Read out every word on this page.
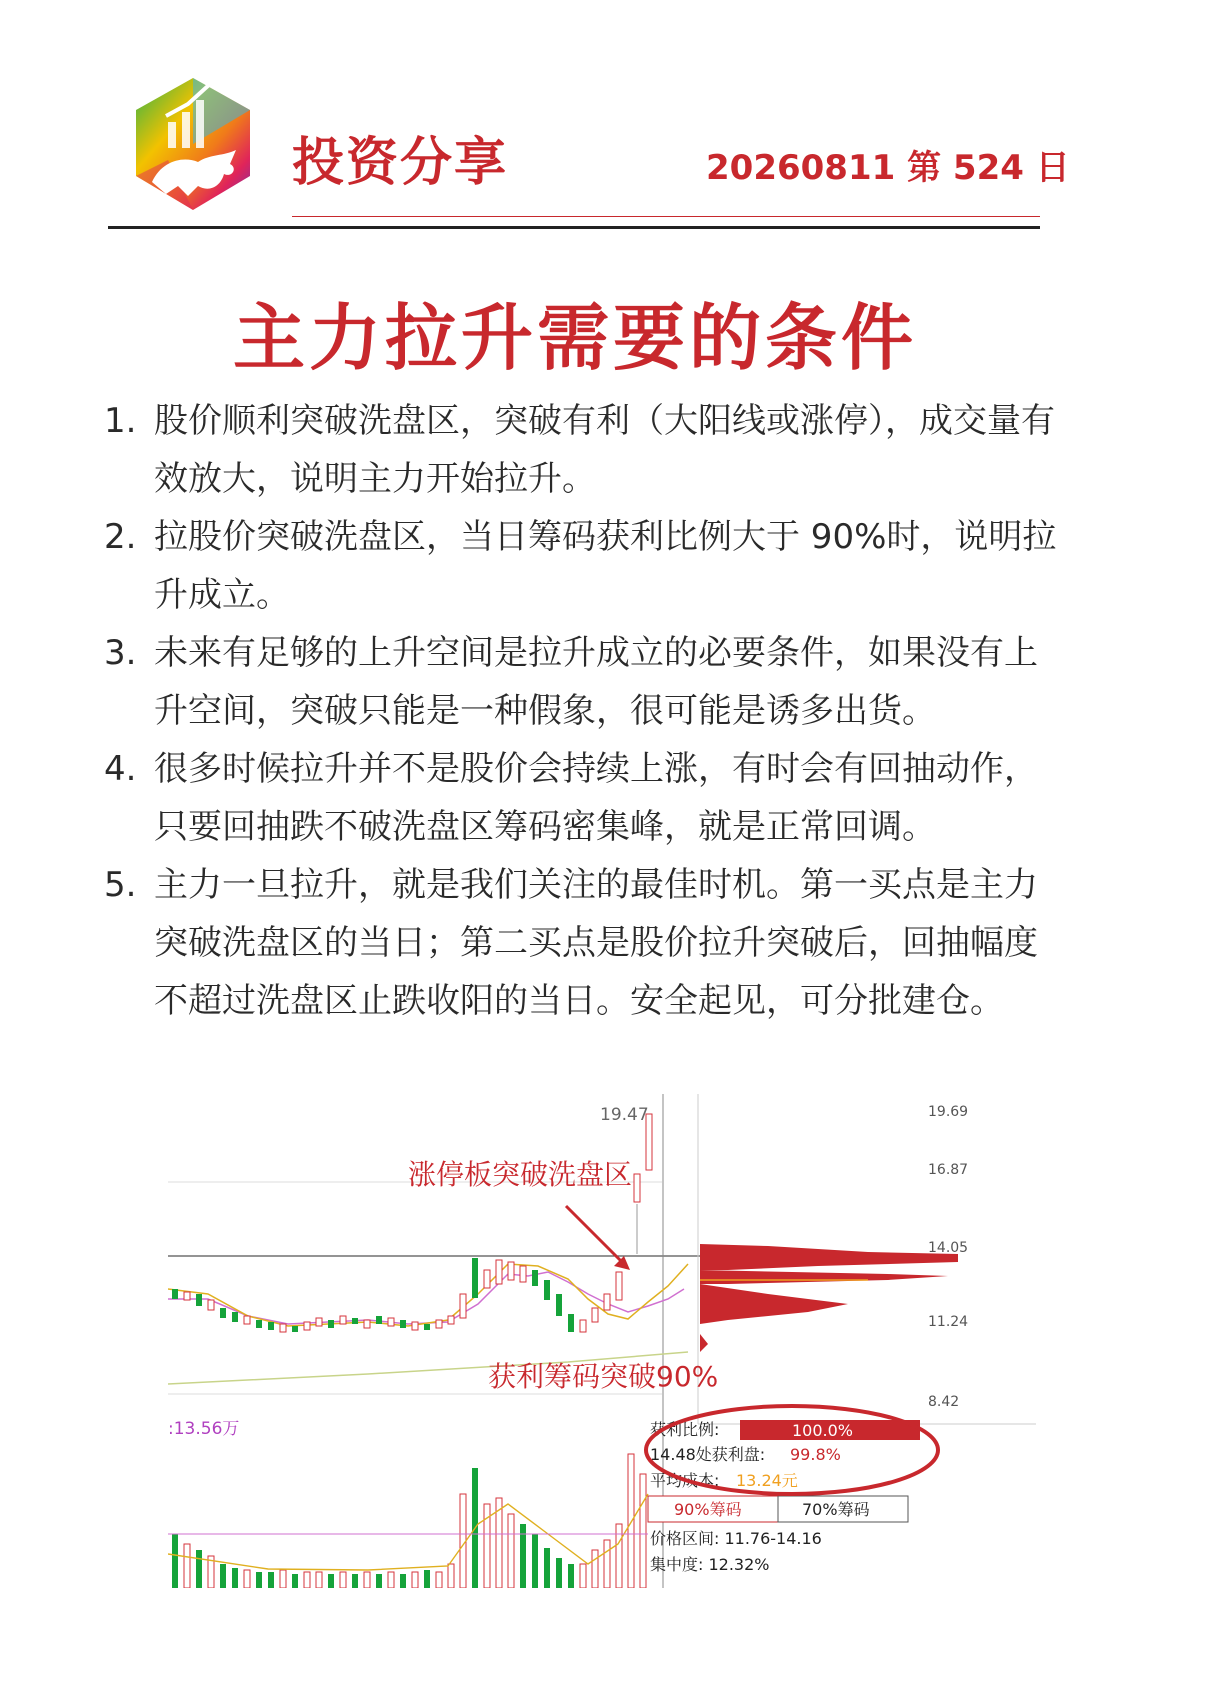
投资分享	20260811 第 524 日
主力拉升需要的条件
1. 股价顺利突破洗盘区，突破有利（大阳线或涨停），成交量有效放大，说明主力开始拉升。
2. 拉股价突破洗盘区，当日筹码获利比例大于 90%时，说明拉升成立。
3. 未来有足够的上升空间是拉升成立的必要条件，如果没有上升空间，突破只能是一种假象，很可能是诱多出货。
4. 很多时候拉升并不是股价会持续上涨，有时会有回抽动作，只要回抽跌不破洗盘区筹码密集峰，就是正常回调。
5. 主力一旦拉升，就是我们关注的最佳时机。第一买点是主力突破洗盘区的当日；第二买点是股价拉升突破后，回抽幅度不超过洗盘区止跌收阳的当日。安全起见，可分批建仓。
19.69
16.87
14.05
11.24
8.42
19.47
涨停板突破洗盘区
获利筹码突破90%
:13.56万	获利比例:	100.0%
14.48处获利盘: 99.8%
平均成本: 13.24元
90%筹码	70%筹码
价格区间: 11.76-14.16
集中度: 12.32%
